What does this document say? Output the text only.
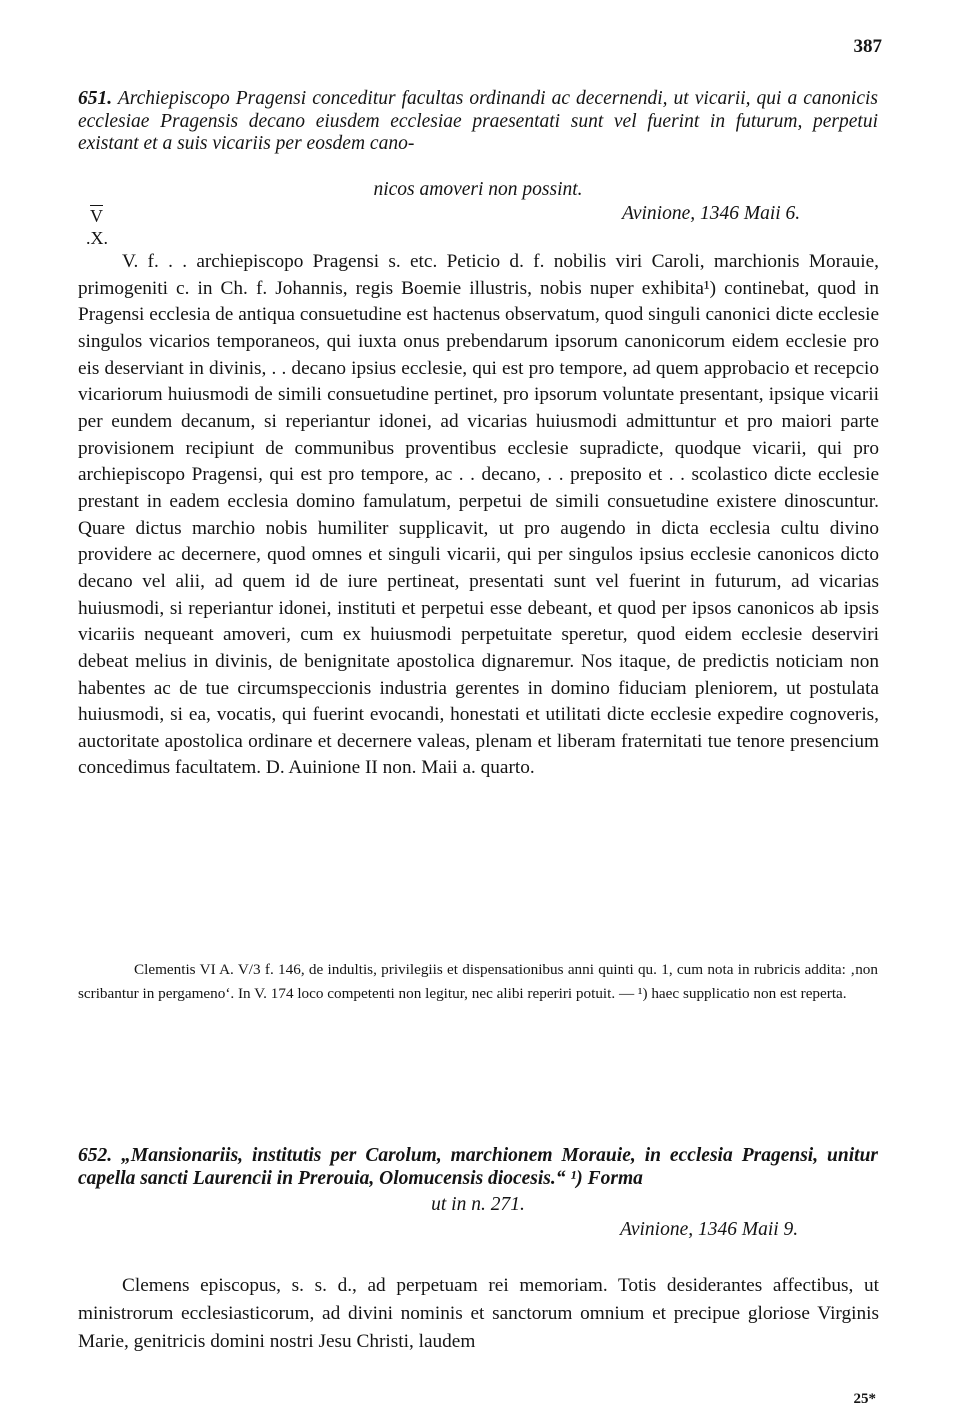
387
651. Archiepiscopo Pragensi conceditur facultas ordinandi ac decernendi, ut vicarii, qui a canonicis ecclesiae Pragensis decano eiusdem ecclesiae praesentati sunt vel fuerint in futurum, perpetui existant et a suis vicariis per eosdem cano-
nicos amoveri non possint.
$\overline{V}$
.X.
Avinione, 1346 Maii 6.
V. f. . . archiepiscopo Pragensi s. etc. Peticio d. f. nobilis viri Caroli, marchionis Morauie, primogeniti c. in Ch. f. Johannis, regis Boemie illustris, nobis nuper exhibita¹) continebat, quod in Pragensi ecclesia de antiqua consuetudine est hactenus observatum, quod singuli canonici dicte ecclesie singulos vicarios temporaneos, qui iuxta onus prebendarum ipsorum canonicorum eidem ecclesie pro eis deserviant in divinis, . . decano ipsius ecclesie, qui est pro tempore, ad quem approbacio et recepcio vicariorum huiusmodi de simili consuetudine pertinet, pro ipsorum voluntate presentant, ipsique vicarii per eundem decanum, si reperiantur idonei, ad vicarias huiusmodi admittuntur et pro maiori parte provisionem recipiunt de communibus proventibus ecclesie supradicte, quodque vicarii, qui pro archiepiscopo Pragensi, qui est pro tempore, ac . . decano, . . preposito et . . scolastico dicte ecclesie prestant in eadem ecclesia domino famulatum, perpetui de simili consuetudine existere dinoscuntur. Quare dictus marchio nobis humiliter supplicavit, ut pro augendo in dicta ecclesia cultu divino providere ac decernere, quod omnes et singuli vicarii, qui per singulos ipsius ecclesie canonicos dicto decano vel alii, ad quem id de iure pertineat, presentati sunt vel fuerint in futurum, ad vicarias huiusmodi, si reperiantur idonei, instituti et perpetui esse debeant, et quod per ipsos canonicos ab ipsis vicariis nequeant amoveri, cum ex huiusmodi perpetuitate speretur, quod eidem ecclesie deserviri debeat melius in divinis, de benignitate apostolica dignaremur. Nos itaque, de predictis noticiam non habentes ac de tue circumspeccionis industria gerentes in domino fiduciam pleniorem, ut postulata huiusmodi, si ea, vocatis, qui fuerint evocandi, honestati et utilitati dicte ecclesie expedire cognoveris, auctoritate apostolica ordinare et decernere valeas, plenam et liberam fraternitati tue tenore presencium concedimus facultatem. D. Auinione II non. Maii a. quarto.
Clementis VI A. V/3 f. 146, de indultis, privilegiis et dispensationibus anni quinti qu. 1, cum nota in rubricis addita: ‚non scribantur in pergameno‘. In V. 174 loco competenti non legitur, nec alibi reperiri potuit. — ¹) haec supplicatio non est reperta.
652. „Mansionariis, institutis per Carolum, marchionem Morauie, in ecclesia Pragensi, unitur capella sancti Laurencii in Prerouia, Olomucensis diocesis.“ ¹) Forma
ut in n. 271.
Avinione, 1346 Maii 9.
Clemens episcopus, s. s. d., ad perpetuam rei memoriam. Totis desiderantes affectibus, ut ministrorum ecclesiasticorum, ad divini nominis et sanctorum omnium et precipue gloriose Virginis Marie, genitricis domini nostri Jesu Christi, laudem
25*
